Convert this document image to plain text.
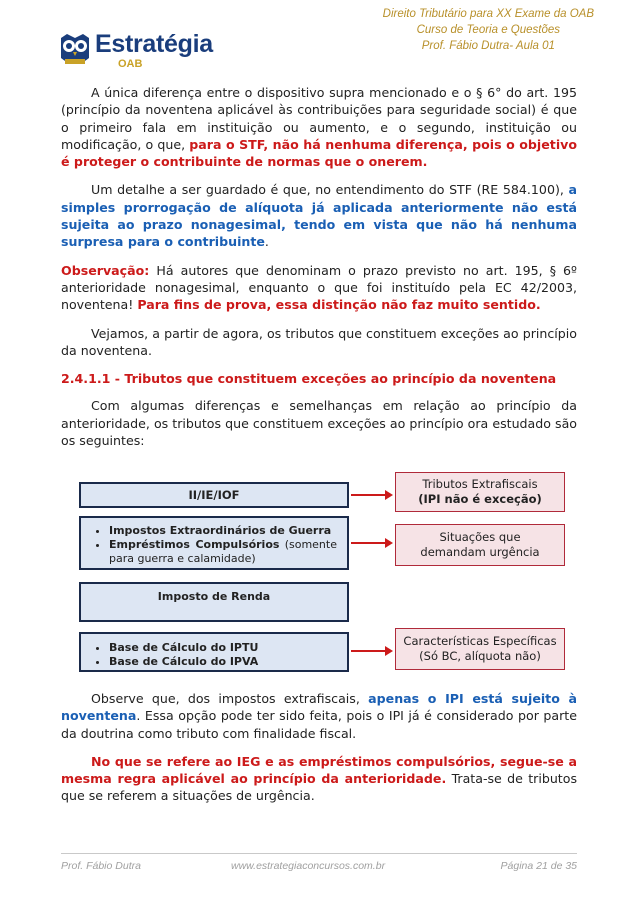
Direito Tributário para XX Exame da OAB
Curso de Teoria e Questões
Prof. Fábio Dutra- Aula 01
Estratégia
OAB

A única diferença entre o dispositivo supra mencionado e o § 6° do art. 195 (princípio da noventena aplicável às contribuições para seguridade social) é que o primeiro fala em instituição ou aumento, e o segundo, instituição ou modificação, o que, para o STF, não há nenhuma diferença, pois o objetivo é proteger o contribuinte de normas que o onerem.

Um detalhe a ser guardado é que, no entendimento do STF (RE 584.100), a simples prorrogação de alíquota já aplicada anteriormente não está sujeita ao prazo nonagesimal, tendo em vista que não há nenhuma surpresa para o contribuinte.

Observação: Há autores que denominam o prazo previsto no art. 195, § 6º anterioridade nonagesimal, enquanto o que foi instituído pela EC 42/2003, noventena! Para fins de prova, essa distinção não faz muito sentido.

Vejamos, a partir de agora, os tributos que constituem exceções ao princípio da noventena.

2.4.1.1 - Tributos que constituem exceções ao princípio da noventena

Com algumas diferenças e semelhanças em relação ao princípio da anterioridade, os tributos que constituem exceções ao princípio ora estudado são os seguintes:

II/IE/IOF
• Impostos Extraordinários de Guerra
• Empréstimos Compulsórios (somente para guerra e calamidade)
Imposto de Renda
• Base de Cálculo do IPTU
• Base de Cálculo do IPVA
Tributos Extrafiscais
(IPI não é exceção)
Situações que demandam urgência
Características Específicas
(Só BC, alíquota não)

Observe que, dos impostos extrafiscais, apenas o IPI está sujeito à noventena. Essa opção pode ter sido feita, pois o IPI já é considerado por parte da doutrina como tributo com finalidade fiscal.

No que se refere ao IEG e as empréstimos compulsórios, segue-se a mesma regra aplicável ao princípio da anterioridade. Trata-se de tributos que se referem a situações de urgência.

Prof. Fábio Dutra	www.estrategiaconcursos.com.br	Página 21 de 35
